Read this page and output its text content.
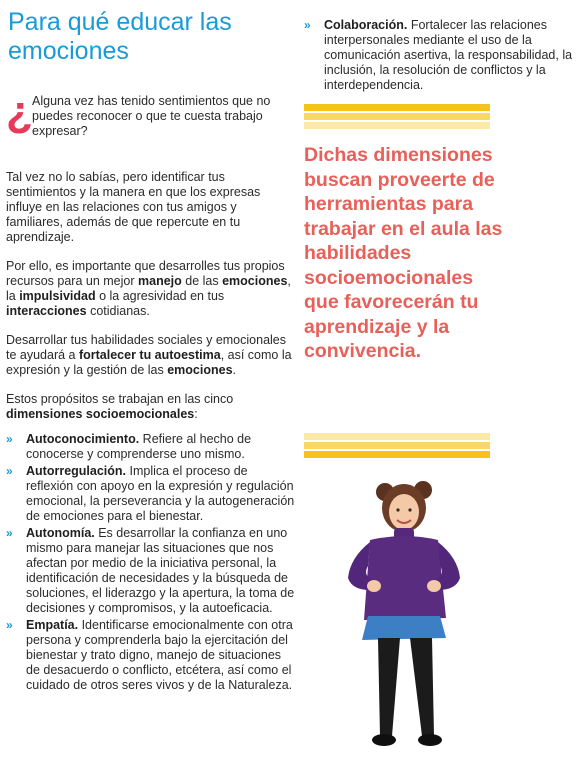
Para qué educar las emociones
¿ Alguna vez has tenido sentimientos que no puedes reconocer o que te cuesta trabajo expresar?

Tal vez no lo sabías, pero identificar tus sentimientos y la manera en que los expresas influye en las relaciones con tus amigos y familiares, además de que repercute en tu aprendizaje.

Por ello, es importante que desarrolles tus propios recursos para un mejor manejo de las emociones, la impulsividad o la agresividad en tus interacciones cotidianas.

Desarrollar tus habilidades sociales y emocionales te ayudará a fortalecer tu autoestima, así como la expresión y la gestión de las emociones.

Estos propósitos se trabajan en las cinco dimensiones socioemocionales:

» Autoconocimiento. Refiere al hecho de conocerse y comprenderse uno mismo.
» Autorregulación. Implica el proceso de reflexión con apoyo en la expresión y regulación emocional, la perseverancia y la autogeneración de emociones para el bienestar.
» Autonomía. Es desarrollar la confianza en uno mismo para manejar las situaciones que nos afectan por medio de la iniciativa personal, la identificación de necesidades y la búsqueda de soluciones, el liderazgo y la apertura, la toma de decisiones y compromisos, y la autoeficacia.
» Empatía. Identificarse emocionalmente con otra persona y comprenderla bajo la ejercitación del bienestar y trato digno, manejo de situaciones de desacuerdo o conflicto, etcétera, así como el cuidado de otros seres vivos y de la Naturaleza.
» Colaboración. Fortalecer las relaciones interpersonales mediante el uso de la comunicación asertiva, la responsabilidad, la inclusión, la resolución de conflictos y la interdependencia.
Dichas dimensiones buscan proveerte de herramientas para trabajar en el aula las habilidades socioemocionales que favorecerán tu aprendizaje y la convivencia.
